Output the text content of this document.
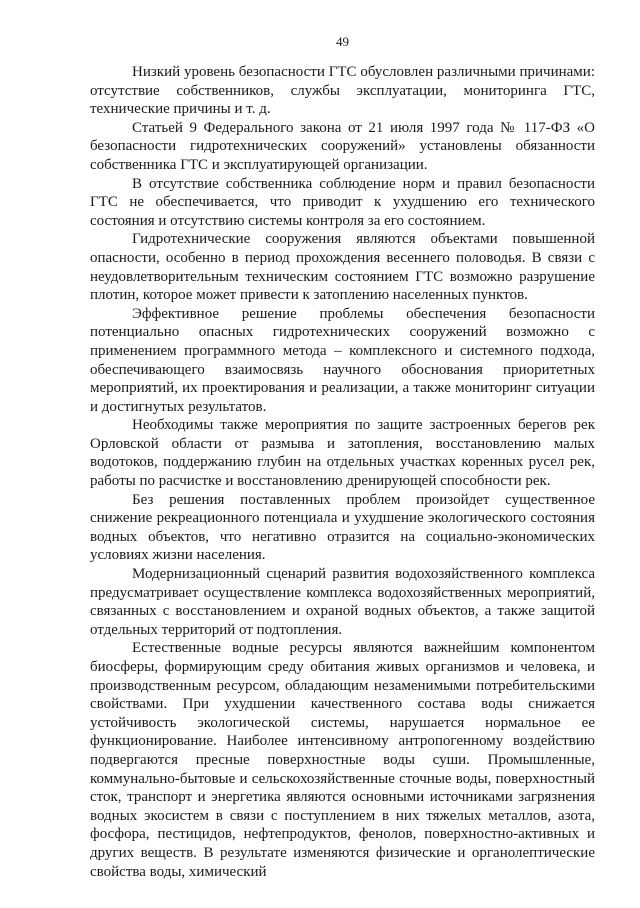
49

Низкий уровень безопасности ГТС обусловлен различными причинами: отсутствие собственников, службы эксплуатации, мониторинга ГТС, технические причины и т. д.

Статьей 9 Федерального закона от 21 июля 1997 года № 117-ФЗ «О безопасности гидротехнических сооружений» установлены обязанности собственника ГТС и эксплуатирующей организации.

В отсутствие собственника соблюдение норм и правил безопасности ГТС не обеспечивается, что приводит к ухудшению его технического состояния и отсутствию системы контроля за его состоянием.

Гидротехнические сооружения являются объектами повышенной опасности, особенно в период прохождения весеннего половодья. В связи с неудовлетворительным техническим состоянием ГТС возможно разрушение плотин, которое может привести к затоплению населенных пунктов.

Эффективное решение проблемы обеспечения безопасности потенциально опасных гидротехнических сооружений возможно с применением программного метода – комплексного и системного подхода, обеспечивающего взаимосвязь научного обоснования приоритетных мероприятий, их проектирования и реализации, а также мониторинг ситуации и достигнутых результатов.

Необходимы также мероприятия по защите застроенных берегов рек Орловской области от размыва и затопления, восстановлению малых водотоков, поддержанию глубин на отдельных участках коренных русел рек, работы по расчистке и восстановлению дренирующей способности рек.

Без решения поставленных проблем произойдет существенное снижение рекреационного потенциала и ухудшение экологического состояния водных объектов, что негативно отразится на социально-экономических условиях жизни населения.

Модернизационный сценарий развития водохозяйственного комплекса предусматривает осуществление комплекса водохозяйственных мероприятий, связанных с восстановлением и охраной водных объектов, а также защитой отдельных территорий от подтопления.

Естественные водные ресурсы являются важнейшим компонентом биосферы, формирующим среду обитания живых организмов и человека, и производственным ресурсом, обладающим незаменимыми потребительскими свойствами. При ухудшении качественного состава воды снижается устойчивость экологической системы, нарушается нормальное ее функционирование. Наиболее интенсивному антропогенному воздействию подвергаются пресные поверхностные воды суши. Промышленные, коммунально-бытовые и сельскохозяйственные сточные воды, поверхностный сток, транспорт и энергетика являются основными источниками загрязнения водных экосистем в связи с поступлением в них тяжелых металлов, азота, фосфора, пестицидов, нефтепродуктов, фенолов, поверхностно-активных и других веществ. В результате изменяются физические и органолептические свойства воды, химический
